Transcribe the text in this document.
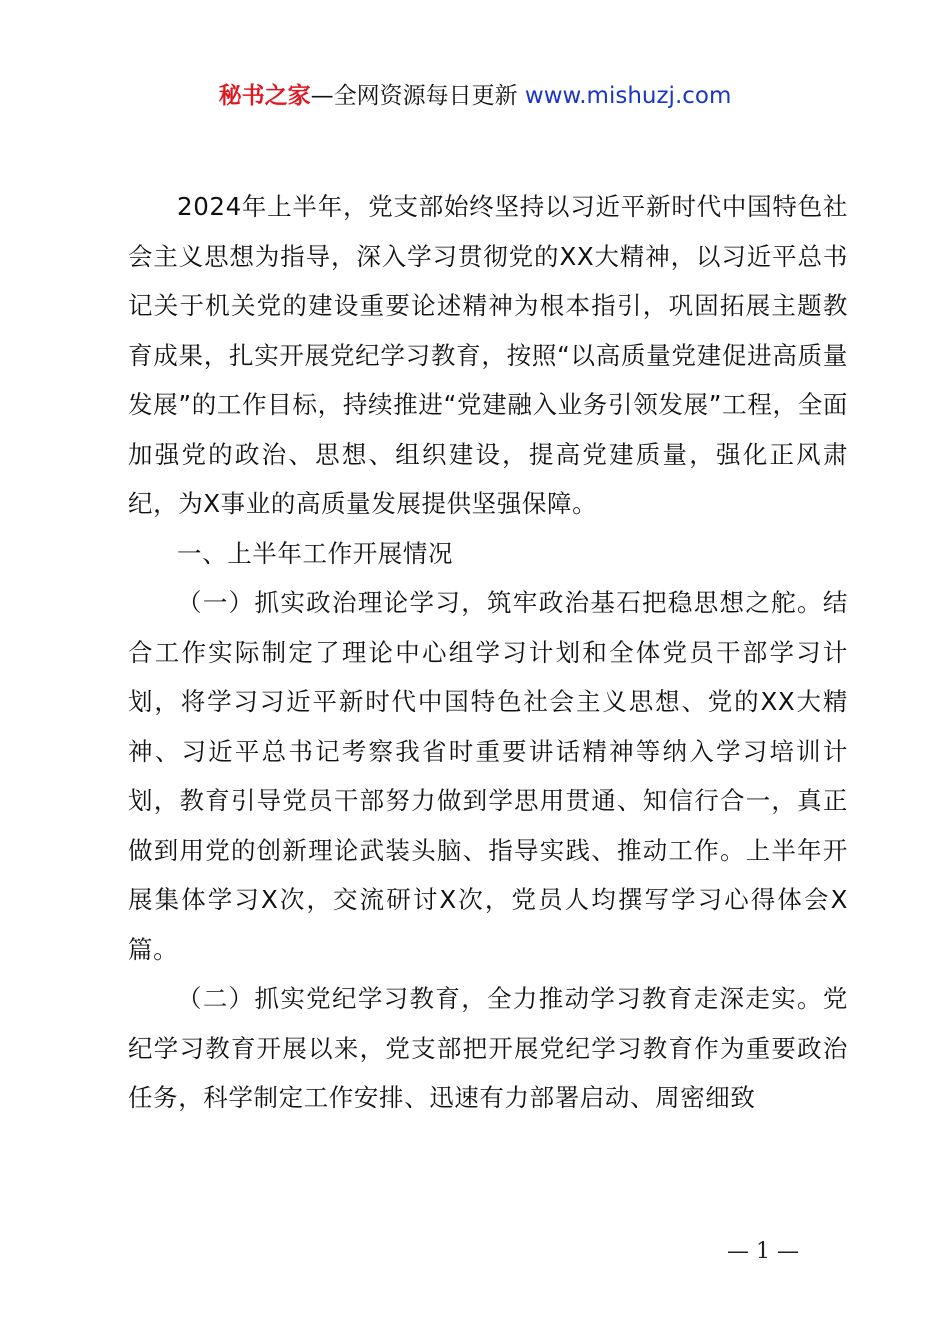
秘书之家—全网资源每日更新 www.mishuzj.com

2024年上半年，党支部始终坚持以习近平新时代中国特色社会主义思想为指导，深入学习贯彻党的XX大精神，以习近平总书记关于机关党的建设重要论述精神为根本指引，巩固拓展主题教育成果，扎实开展党纪学习教育，按照“以高质量党建促进高质量发展”的工作目标，持续推进“党建融入业务引领发展”工程，全面加强党的政治、思想、组织建设，提高党建质量，强化正风肃纪，为X事业的高质量发展提供坚强保障。

一、上半年工作开展情况

（一）抓实政治理论学习，筑牢政治基石把稳思想之舵。结合工作实际制定了理论中心组学习计划和全体党员干部学习计划，将学习习近平新时代中国特色社会主义思想、党的XX大精神、习近平总书记考察我省时重要讲话精神等纳入学习培训计划，教育引导党员干部努力做到学思用贯通、知信行合一，真正做到用党的创新理论武装头脑、指导实践、推动工作。上半年开展集体学习X次，交流研讨X次，党员人均撰写学习心得体会X篇。

（二）抓实党纪学习教育，全力推动学习教育走深走实。党纪学习教育开展以来，党支部把开展党纪学习教育作为重要政治任务，科学制定工作安排、迅速有力部署启动、周密细致

— 1 —
